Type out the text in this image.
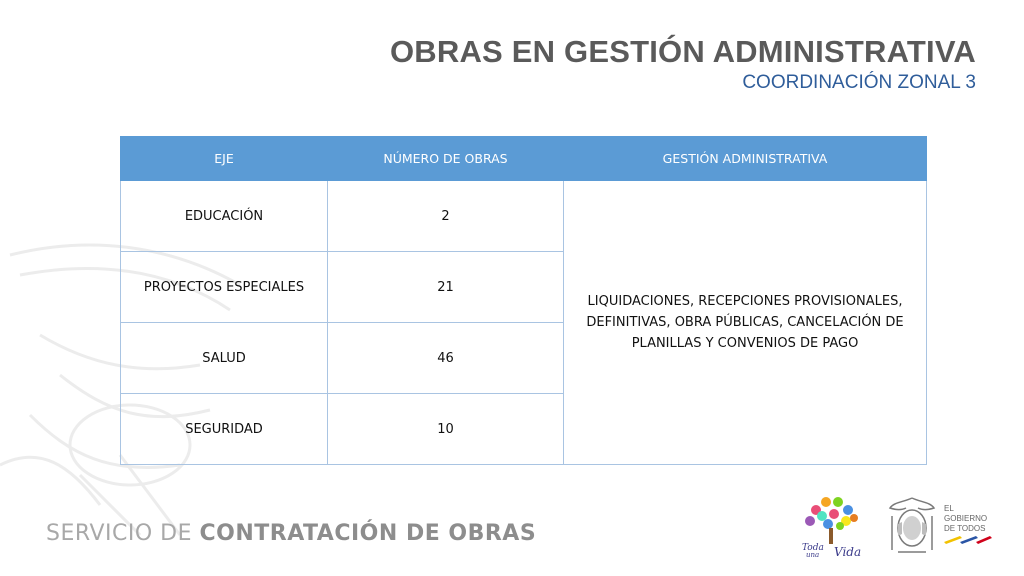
OBRAS EN GESTIÓN ADMINISTRATIVA
COORDINACIÓN ZONAL 3
EJE	NÚMERO DE OBRAS	GESTIÓN ADMINISTRATIVA
EDUCACIÓN	2	LIQUIDACIONES, RECEPCIONES PROVISIONALES, DEFINITIVAS, OBRA PÚBLICAS, CANCELACIÓN DE PLANILLAS Y CONVENIOS DE PAGO
PROYECTOS ESPECIALES	21	
SALUD	46	
SEGURIDAD	10	
SERVICIO DE CONTRATACIÓN DE OBRAS
Toda
una Vida
EL
GOBIERNO
DE TODOS
